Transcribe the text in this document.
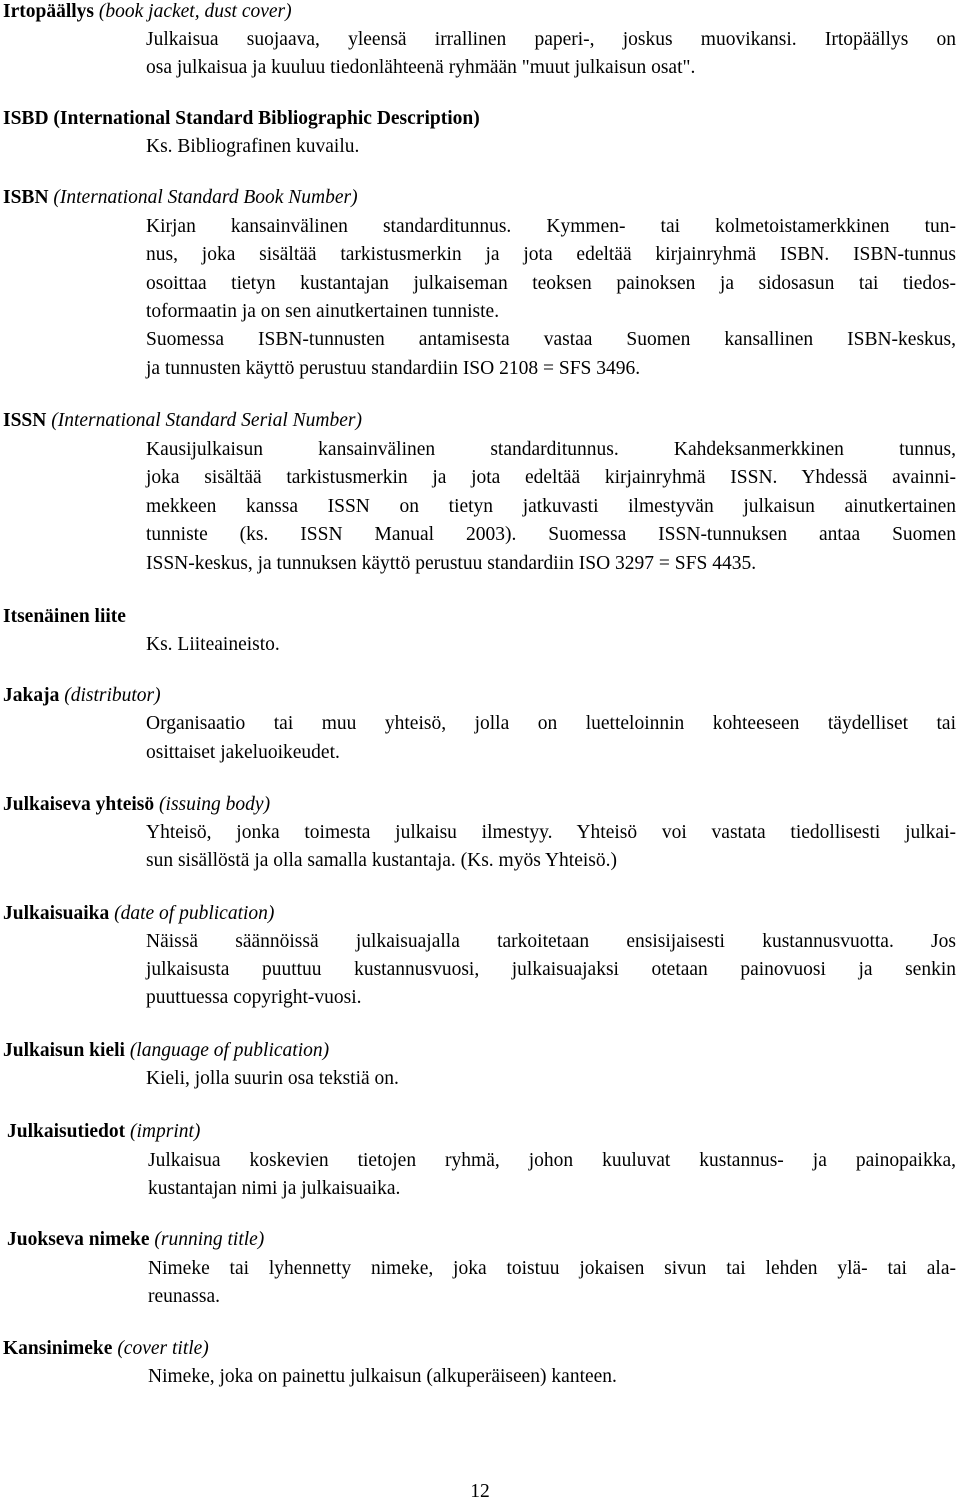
Irtopäällys (book jacket, dust cover)
Julkaisua suojaava, yleensä irrallinen paperi-, joskus muovikansi. Irtopäällys on
osa julkaisua ja kuuluu tiedonlähteenä ryhmään "muut julkaisun osat".
ISBD (International Standard Bibliographic Description)
Ks. Bibliografinen kuvailu.
ISBN (International Standard Book Number)
Kirjan kansainvälinen standarditunnus. Kymmen- tai kolmetoistamerkkinen tun-
nus, joka sisältää tarkistusmerkin ja jota edeltää kirjainryhmä ISBN. ISBN-tunnus
osoittaa tietyn kustantajan julkaiseman teoksen painoksen ja sidosasun tai tiedos-
toformaatin ja on sen ainutkertainen tunniste.
Suomessa ISBN-tunnusten antamisesta vastaa Suomen kansallinen ISBN-keskus,
ja tunnusten käyttö perustuu standardiin ISO 2108 = SFS 3496.
ISSN (International Standard Serial Number)
Kausijulkaisun kansainvälinen standarditunnus. Kahdeksanmerkkinen tunnus,
joka sisältää tarkistusmerkin ja jota edeltää kirjainryhmä ISSN. Yhdessä avainni-
mekkeen kanssa ISSN on tietyn jatkuvasti ilmestyvän julkaisun ainutkertainen
tunniste (ks. ISSN Manual 2003). Suomessa ISSN-tunnuksen antaa Suomen
ISSN-keskus, ja tunnuksen käyttö perustuu standardiin ISO 3297 = SFS 4435.
Itsenäinen liite
Ks. Liiteaineisto.
Jakaja (distributor)
Organisaatio tai muu yhteisö, jolla on luetteloinnin kohteeseen täydelliset tai
osittaiset jakeluoikeudet.
Julkaiseva yhteisö (issuing body)
Yhteisö, jonka toimesta julkaisu ilmestyy. Yhteisö voi vastata tiedollisesti julkai-
sun sisällöstä ja olla samalla kustantaja. (Ks. myös Yhteisö.)
Julkaisuaika (date of publication)
Näissä säännöissä julkaisuajalla tarkoitetaan ensisijaisesti kustannusvuotta. Jos
julkaisusta puuttuu kustannusvuosi, julkaisuajaksi otetaan painovuosi ja senkin
puuttuessa copyright-vuosi.
Julkaisun kieli (language of publication)
Kieli, jolla suurin osa tekstiä on.
Julkaisutiedot (imprint)
Julkaisua koskevien tietojen ryhmä, johon kuuluvat kustannus- ja painopaikka,
kustantajan nimi ja julkaisuaika.
Juokseva nimeke (running title)
Nimeke tai lyhennetty nimeke, joka toistuu jokaisen sivun tai lehden ylä- tai ala-
reunassa.
Kansinimeke (cover title)
Nimeke, joka on painettu julkaisun (alkuperäiseen) kanteen.
12
